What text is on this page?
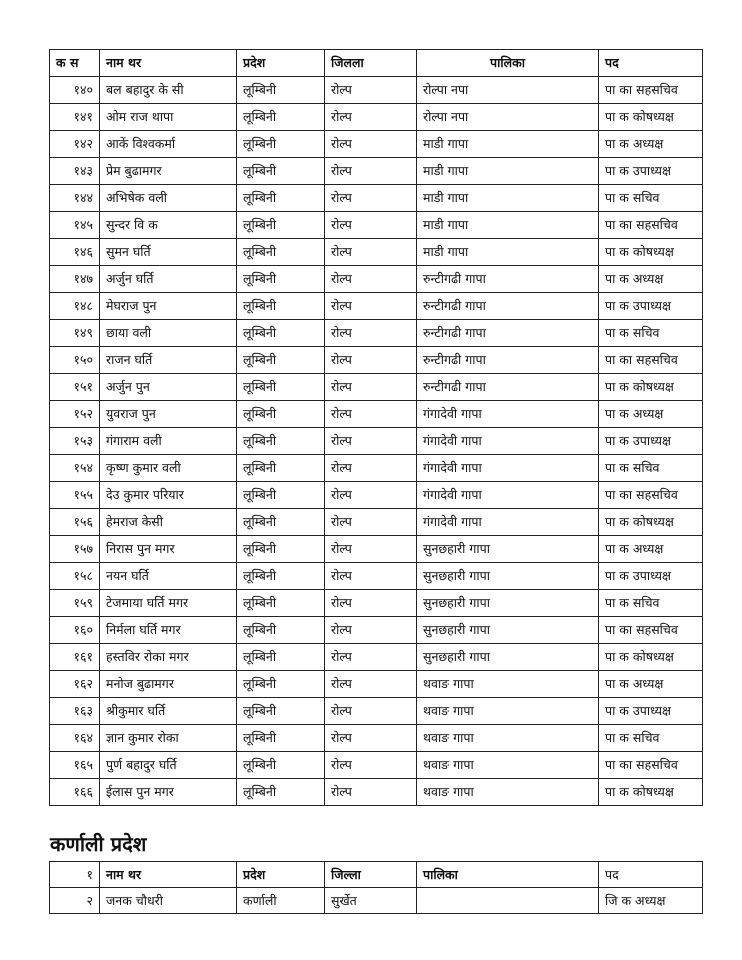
क स	नाम थर	प्रदेश	जिलला	पालिका	पद
१४०	बल बहादुर के सी	लूम्बिनी	रोल्प	रोल्पा नपा	पा का सहसचिव
१४१	ओम राज थापा	लूम्बिनी	रोल्प	रोल्पा नपा	पा क कोषध्यक्ष
१४२	आकें विश्वकर्मा	लूम्बिनी	रोल्प	माडी गापा	पा क अध्यक्ष
१४३	प्रेम बुढामगर	लूम्बिनी	रोल्प	माडी गापा	पा क उपाध्यक्ष
१४४	अभिषेक वली	लूम्बिनी	रोल्प	माडी गापा	पा क सचिव
१४५	सुन्दर वि क	लूम्बिनी	रोल्प	माडी गापा	पा का सहसचिव
१४६	सुमन घर्ति	लूम्बिनी	रोल्प	माडी गापा	पा क कोषध्यक्ष
१४७	अर्जुन घर्ति	लूम्बिनी	रोल्प	रुन्टीगढी गापा	पा क अध्यक्ष
१४८	मेघराज पुन	लूम्बिनी	रोल्प	रुन्टीगढी गापा	पा क उपाध्यक्ष
१४९	छाया वली	लूम्बिनी	रोल्प	रुन्टीगढी गापा	पा क सचिव
१५०	राजन घर्ति	लूम्बिनी	रोल्प	रुन्टीगढी गापा	पा का सहसचिव
१५१	अर्जुन पुन	लूम्बिनी	रोल्प	रुन्टीगढी गापा	पा क कोषध्यक्ष
१५२	युवराज पुन	लूम्बिनी	रोल्प	गंगादेवी गापा	पा क अध्यक्ष
१५३	गंगाराम वली	लूम्बिनी	रोल्प	गंगादेवी गापा	पा क उपाध्यक्ष
१५४	कृष्ण कुमार वली	लूम्बिनी	रोल्प	गंगादेवी गापा	पा क सचिव
१५५	देउ कुमार परियार	लूम्बिनी	रोल्प	गंगादेवी गापा	पा का सहसचिव
१५६	हेमराज केसी	लूम्बिनी	रोल्प	गंगादेवी गापा	पा क कोषध्यक्ष
१५७	निरास पुन मगर	लूम्बिनी	रोल्प	सुनछहारी गापा	पा क अध्यक्ष
१५८	नयन घर्ति	लूम्बिनी	रोल्प	सुनछहारी गापा	पा क उपाध्यक्ष
१५९	टेजमाया घर्ति मगर	लूम्बिनी	रोल्प	सुनछहारी गापा	पा क सचिव
१६०	निर्मला घर्ति मगर	लूम्बिनी	रोल्प	सुनछहारी गापा	पा का सहसचिव
१६१	हस्तविर रोका मगर	लूम्बिनी	रोल्प	सुनछहारी गापा	पा क कोषध्यक्ष
१६२	मनोज बुढामगर	लूम्बिनी	रोल्प	थवाङ गापा	पा क अध्यक्ष
१६३	श्रीकुमार घर्ति	लूम्बिनी	रोल्प	थवाङ गापा	पा क उपाध्यक्ष
१६४	ज्ञान कुमार रोका	लूम्बिनी	रोल्प	थवाङ गापा	पा क सचिव
१६५	पुर्ण बहादुर घर्ति	लूम्बिनी	रोल्प	थवाङ गापा	पा का सहसचिव
१६६	ईलास पुन मगर	लूम्बिनी	रोल्प	थवाङ गापा	पा क कोषध्यक्ष
कर्णाली प्रदेश
१	नाम थर	प्रदेश	जिल्ला	पालिका	पद
२	जनक चौधरी	कर्णाली	सुर्खेत		जि क अध्यक्ष
